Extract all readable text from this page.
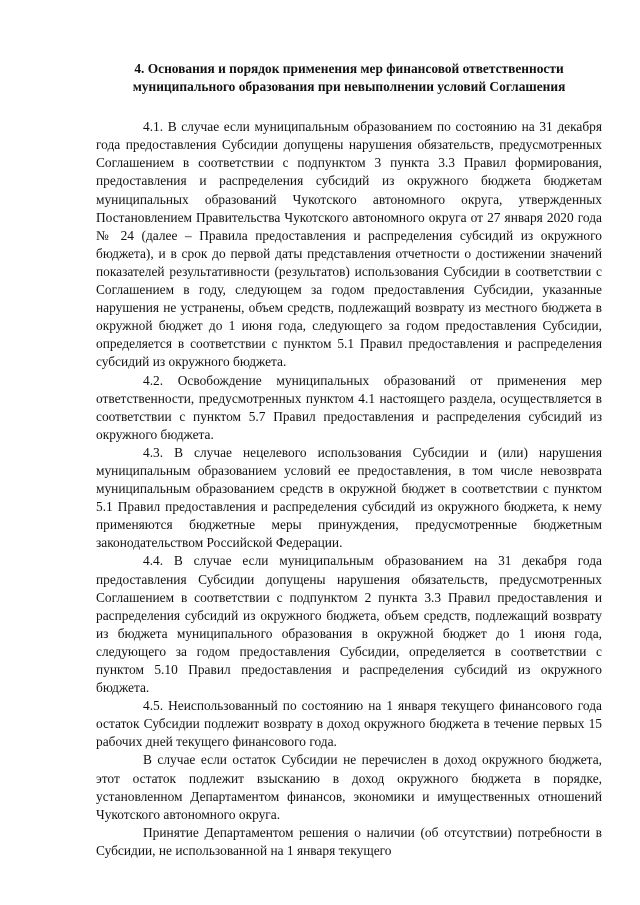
4. Основания и порядок применения мер финансовой ответственности
муниципального образования при невыполнении условий Соглашения

4.1. В случае если муниципальным образованием по состоянию на 31 декабря года предоставления Субсидии допущены нарушения обязательств, предусмотренных Соглашением в соответствии с подпунктом 3 пункта 3.3 Правил формирования, предоставления и распределения субсидий из окружного бюджета бюджетам муниципальных образований Чукотского автономного округа, утвержденных Постановлением Правительства Чукотского автономного округа от 27 января 2020 года № 24 (далее – Правила предоставления и распределения субсидий из окружного бюджета), и в срок до первой даты представления отчетности о достижении значений показателей результативности (результатов) использования Субсидии в соответствии с Соглашением в году, следующем за годом предоставления Субсидии, указанные нарушения не устранены, объем средств, подлежащий возврату из местного бюджета в окружной бюджет до 1 июня года, следующего за годом предоставления Субсидии, определяется в соответствии с пунктом 5.1 Правил предоставления и распределения субсидий из окружного бюджета.

4.2. Освобождение муниципальных образований от применения мер ответственности, предусмотренных пунктом 4.1 настоящего раздела, осуществляется в соответствии с пунктом 5.7 Правил предоставления и распределения субсидий из окружного бюджета.

4.3. В случае нецелевого использования Субсидии и (или) нарушения муниципальным образованием условий ее предоставления, в том числе невозврата муниципальным образованием средств в окружной бюджет в соответствии с пунктом 5.1 Правил предоставления и распределения субсидий из окружного бюджета, к нему применяются бюджетные меры принуждения, предусмотренные бюджетным законодательством Российской Федерации.

4.4. В случае если муниципальным образованием на 31 декабря года предоставления Субсидии допущены нарушения обязательств, предусмотренных Соглашением в соответствии с подпунктом 2 пункта 3.3 Правил предоставления и распределения субсидий из окружного бюджета, объем средств, подлежащий возврату из бюджета муниципального образования в окружной бюджет до 1 июня года, следующего за годом предоставления Субсидии, определяется в соответствии с пунктом 5.10 Правил предоставления и распределения субсидий из окружного бюджета.

4.5. Неиспользованный по состоянию на 1 января текущего финансового года остаток Субсидии подлежит возврату в доход окружного бюджета в течение первых 15 рабочих дней текущего финансового года.

В случае если остаток Субсидии не перечислен в доход окружного бюджета, этот остаток подлежит взысканию в доход окружного бюджета в порядке, установленном Департаментом финансов, экономики и имущественных отношений Чукотского автономного округа.

Принятие Департаментом решения о наличии (об отсутствии) потребности в Субсидии, не использованной на 1 января текущего
